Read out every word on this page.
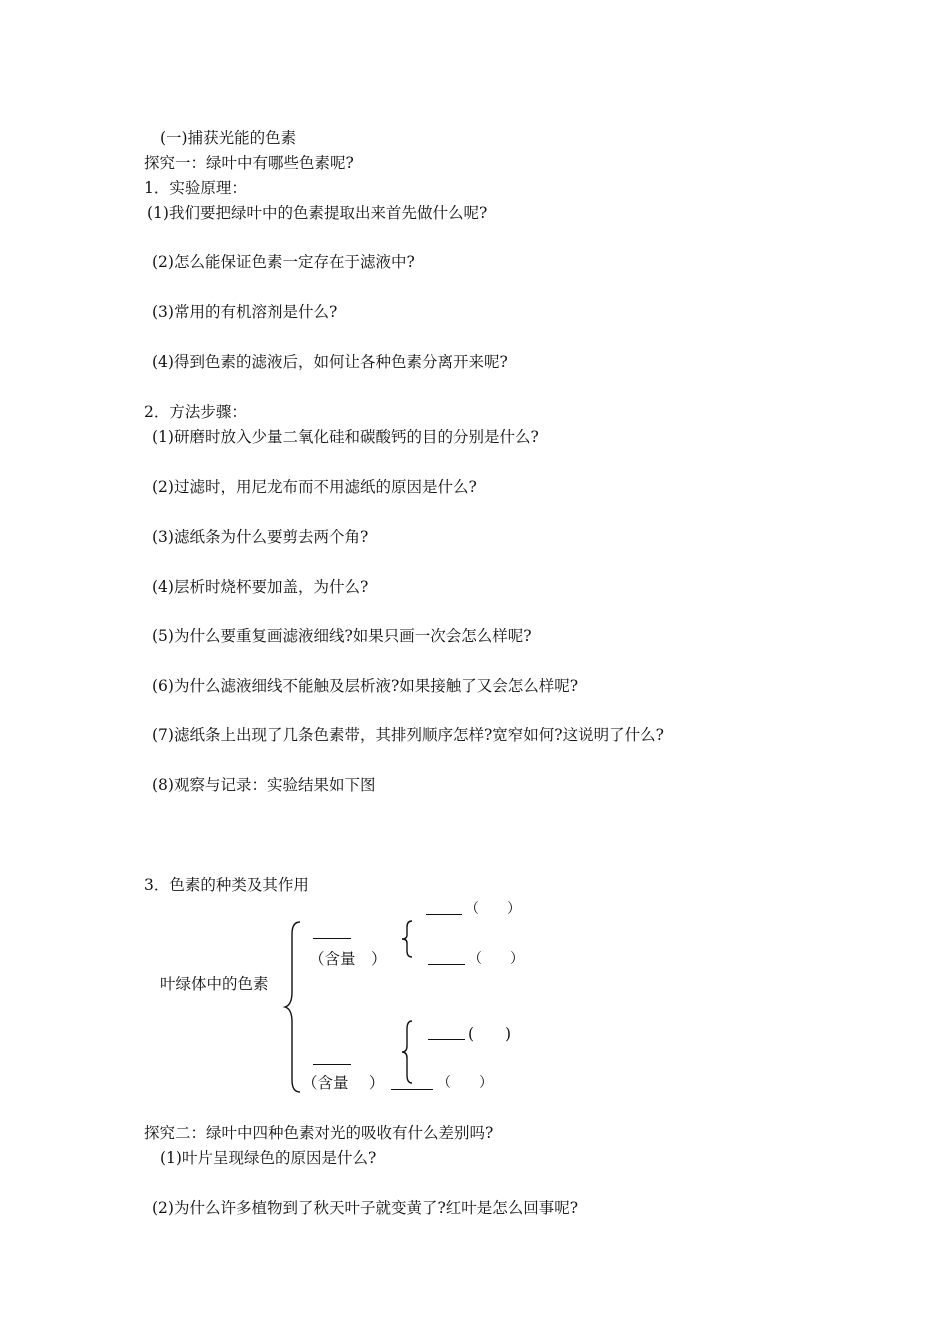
(一)捕获光能的色素
探究一：绿叶中有哪些色素呢?
1．实验原理：
(1)我们要把绿叶中的色素提取出来首先做什么呢?
(2)怎么能保证色素一定存在于滤液中?
(3)常用的有机溶剂是什么?
(4)得到色素的滤液后，如何让各种色素分离开来呢?
2．方法步骤：
(1)研磨时放入少量二氧化硅和碳酸钙的目的分别是什么?
(2)过滤时，用尼龙布而不用滤纸的原因是什么?
(3)滤纸条为什么要剪去两个角?
(4)层析时烧杯要加盖，为什么?
(5)为什么要重复画滤液细线?如果只画一次会怎么样呢?
(6)为什么滤液细线不能触及层析液?如果接触了又会怎么样呢?
(7)滤纸条上出现了几条色素带，其排列顺序怎样?宽窄如何?这说明了什么?
(8)观察与记录：实验结果如下图
3．色素的种类及其作用
叶绿体中的色素
（含量　）
（　　）
（　　）
(　　)
（含量　 ）	（　　）
探究二：绿叶中四种色素对光的吸收有什么差别吗?
(1)叶片呈现绿色的原因是什么?
(2)为什么许多植物到了秋天叶子就变黄了?红叶是怎么回事呢?
